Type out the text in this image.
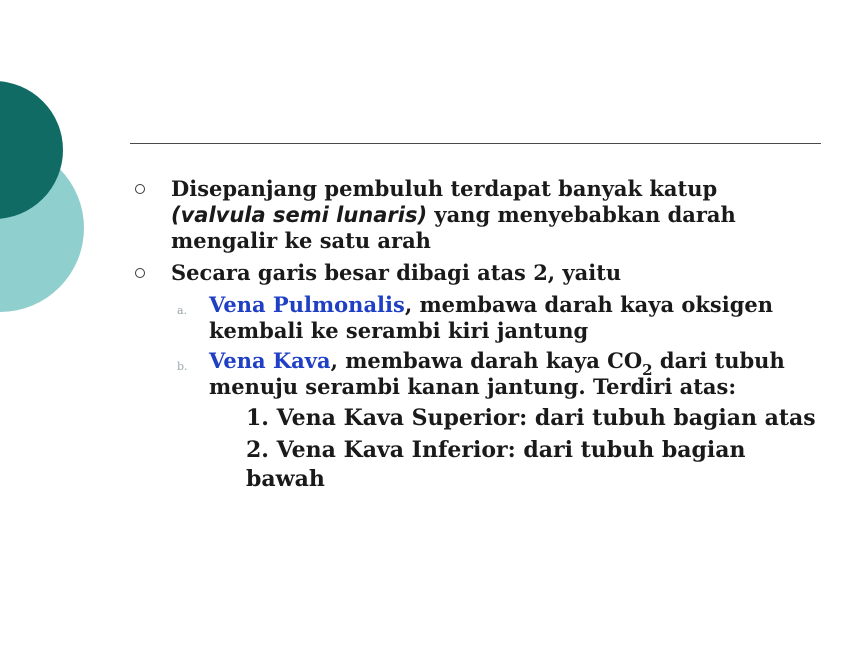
Disepanjang pembuluh terdapat banyak katup
(valvula semi lunaris) yang menyebabkan darah mengalir ke satu arah
Secara garis besar dibagi atas 2, yaitu
a. Vena Pulmonalis, membawa darah kaya oksigen kembali ke serambi kiri jantung
b. Vena Kava, membawa darah kaya $CO_2$ dari tubuh menuju serambi kanan jantung. Terdiri atas:
1. Vena Kava Superior: dari tubuh bagian atas
2. Vena Kava Inferior: dari tubuh bagian bawah
